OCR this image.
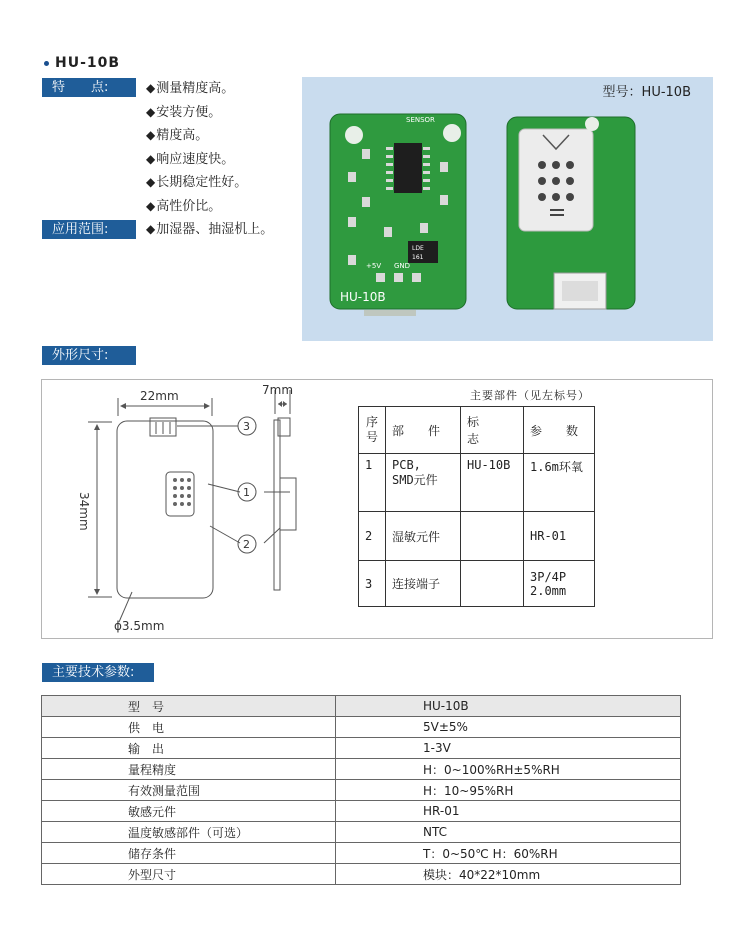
HU-10B
特　　点:	◆ 测量精度高。
◆ 安装方便。
◆ 精度高。
◆ 响应速度快。
◆ 长期稳定性好。
◆ 高性价比。
◆ 加湿器、抽湿机上。
应用范围:
型号：HU-10B
SENSOR
LDE
161
+5V GND
HU-10B
外形尺寸:
22mm	7mm
ϕ3.5mm
34mm
3
1
2
主要部件（见左标号）
序号	部　件	标　志	参　数
1	PCB,
SMD元件	HU-10B	1.6m环氧
2	湿敏元件		HR-01
3	连接端子		3P/4P
2.0mm
主要技术参数:
型　号	HU-10B
供　电	5V±5%
输　出	1-3V
量程精度	H：0~100%RH±5%RH
有效测量范围	H：10~95%RH
敏感元件	HR-01
温度敏感部件（可选）	NTC
储存条件	T：0~50℃ H：60%RH
外型尺寸	模块：40*22*10mm
